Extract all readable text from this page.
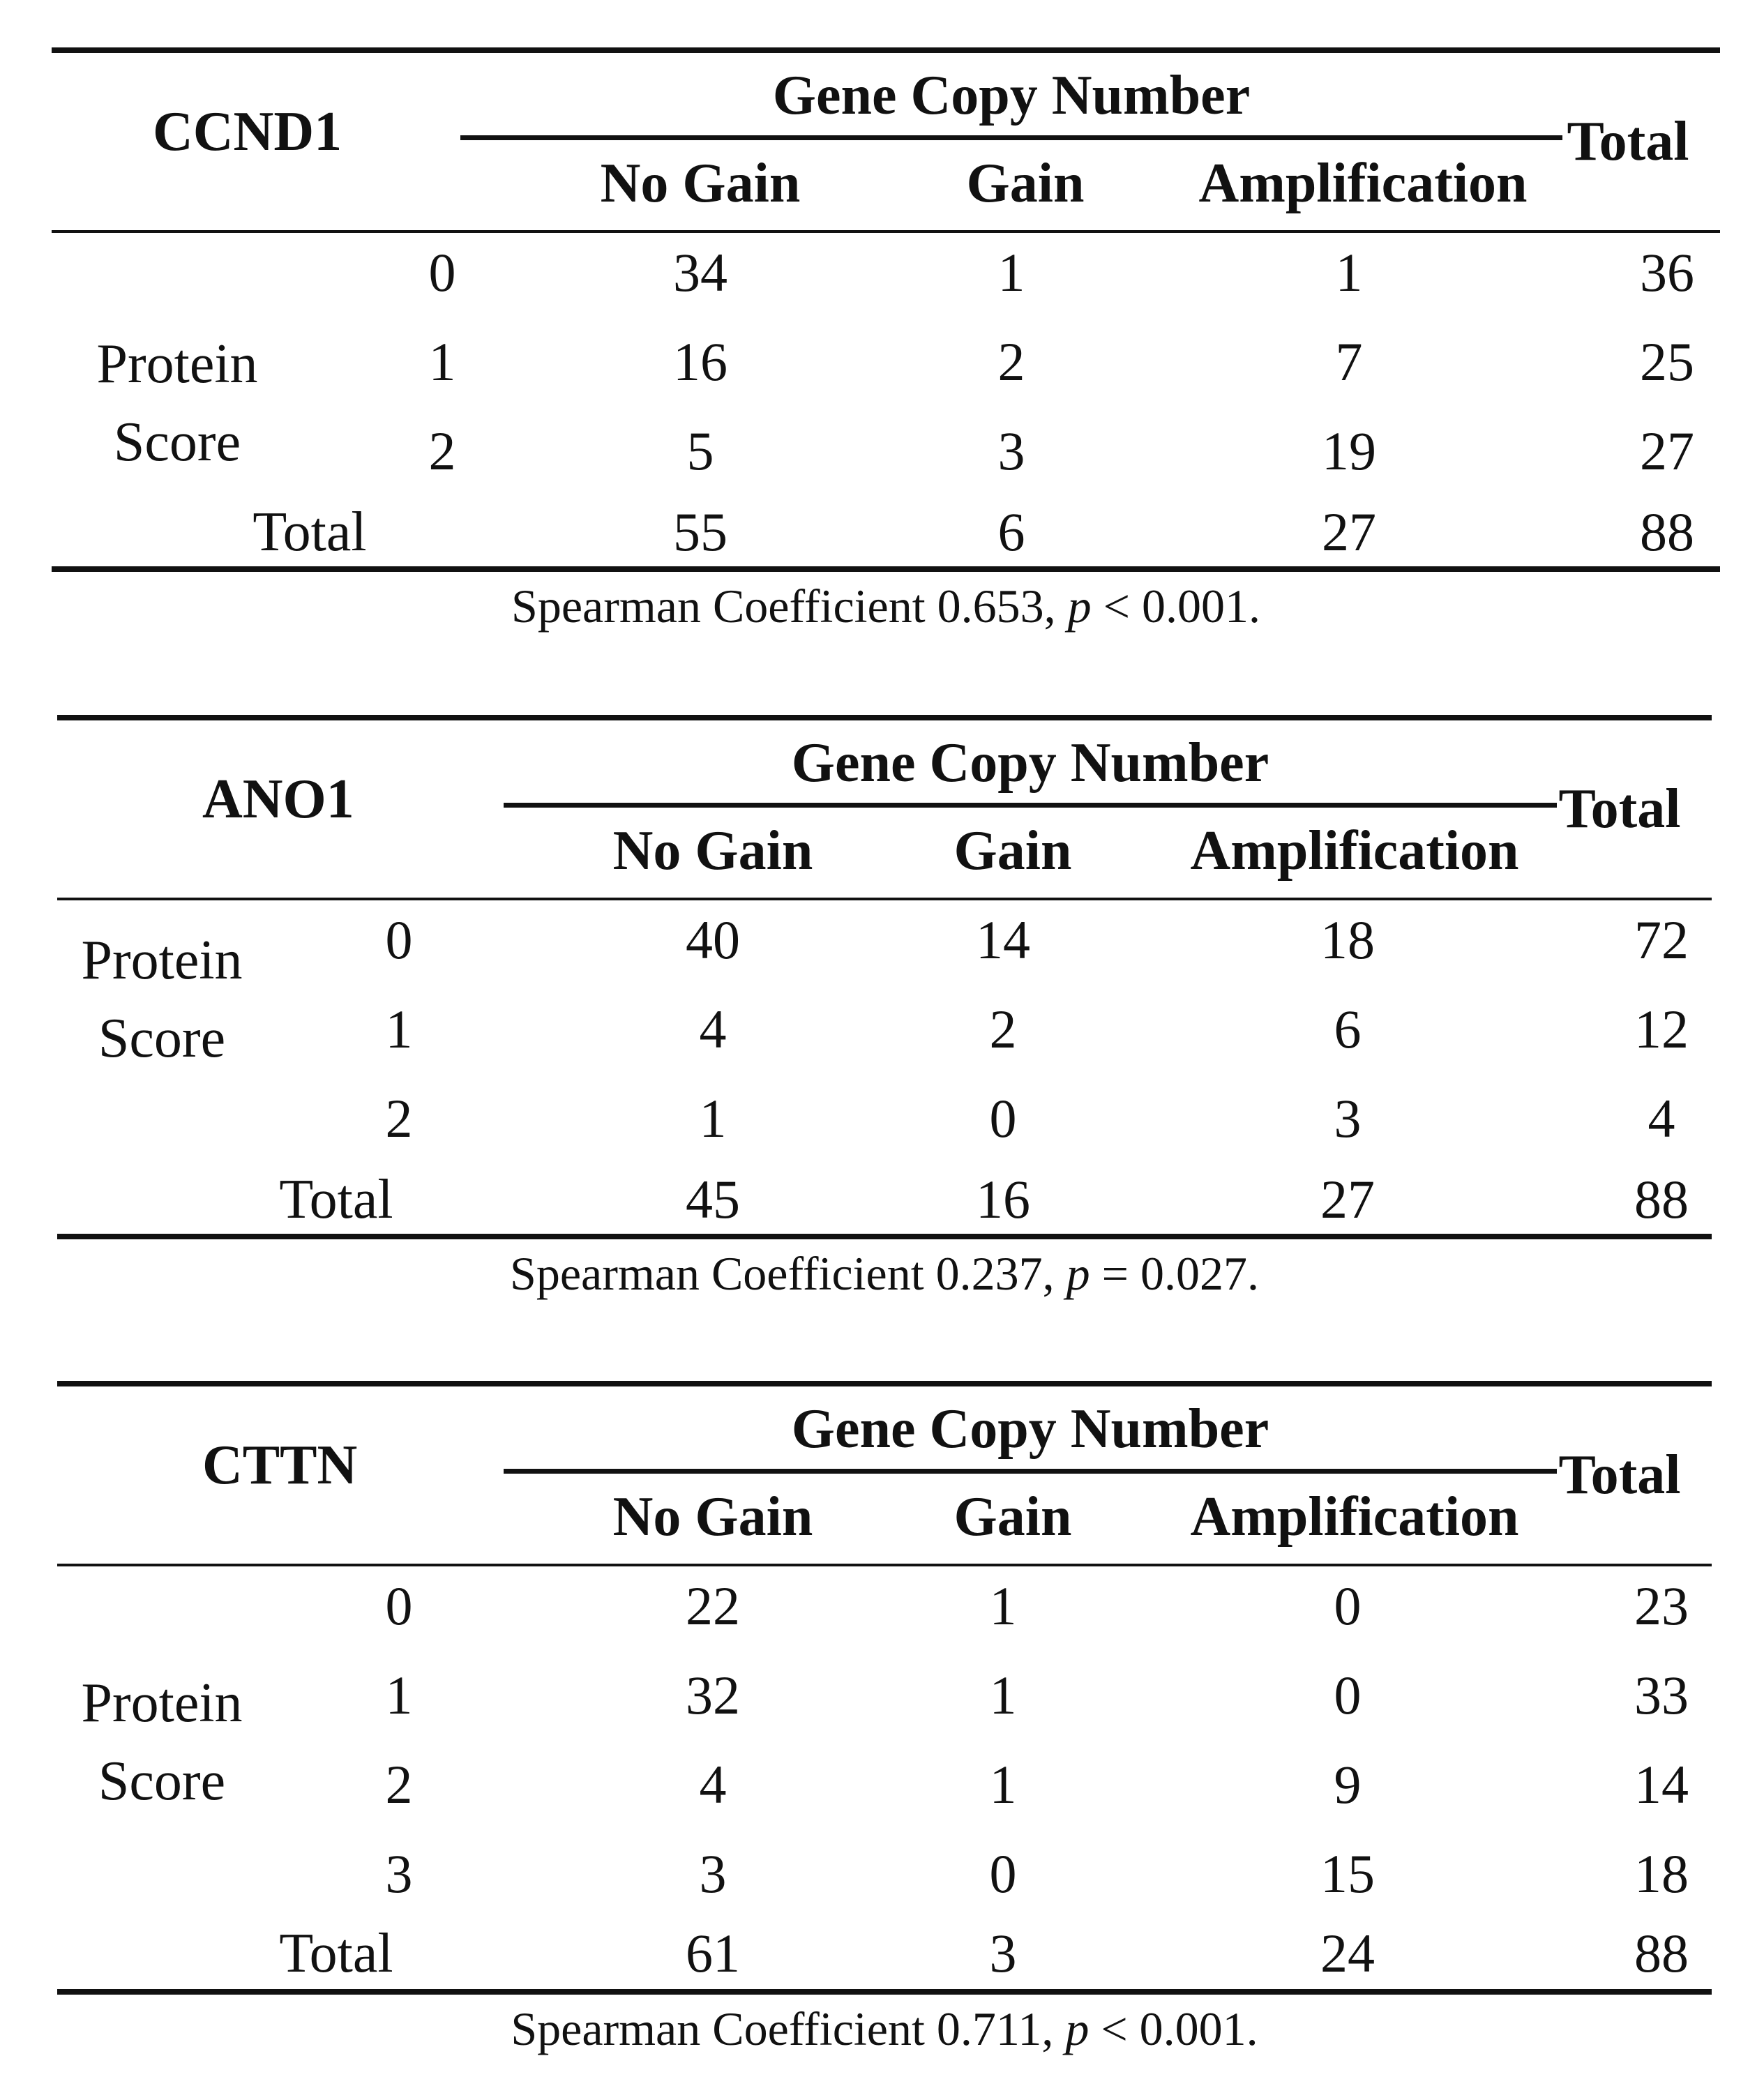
CCND1
Gene Copy Number
No Gain	Gain	Amplification
Total
Protein
Score
0	34	1	1	36
1	16	2	7	25
2	5	3	19	27
Total	55	6	27	88
Spearman Coefficient 0.653, p < 0.001.
ANO1
Gene Copy Number
No Gain	Gain	Amplification
Total
Protein
Score
0	40	14	18	72
1	4	2	6	12
2	1	0	3	4
Total	45	16	27	88
Spearman Coefficient 0.237, p = 0.027.
CTTN
Gene Copy Number
No Gain	Gain	Amplification
Total
Protein
Score
0	22	1	0	23
1	32	1	0	33
2	4	1	9	14
3	3	0	15	18
Total	61	3	24	88
Spearman Coefficient 0.711, p < 0.001.
